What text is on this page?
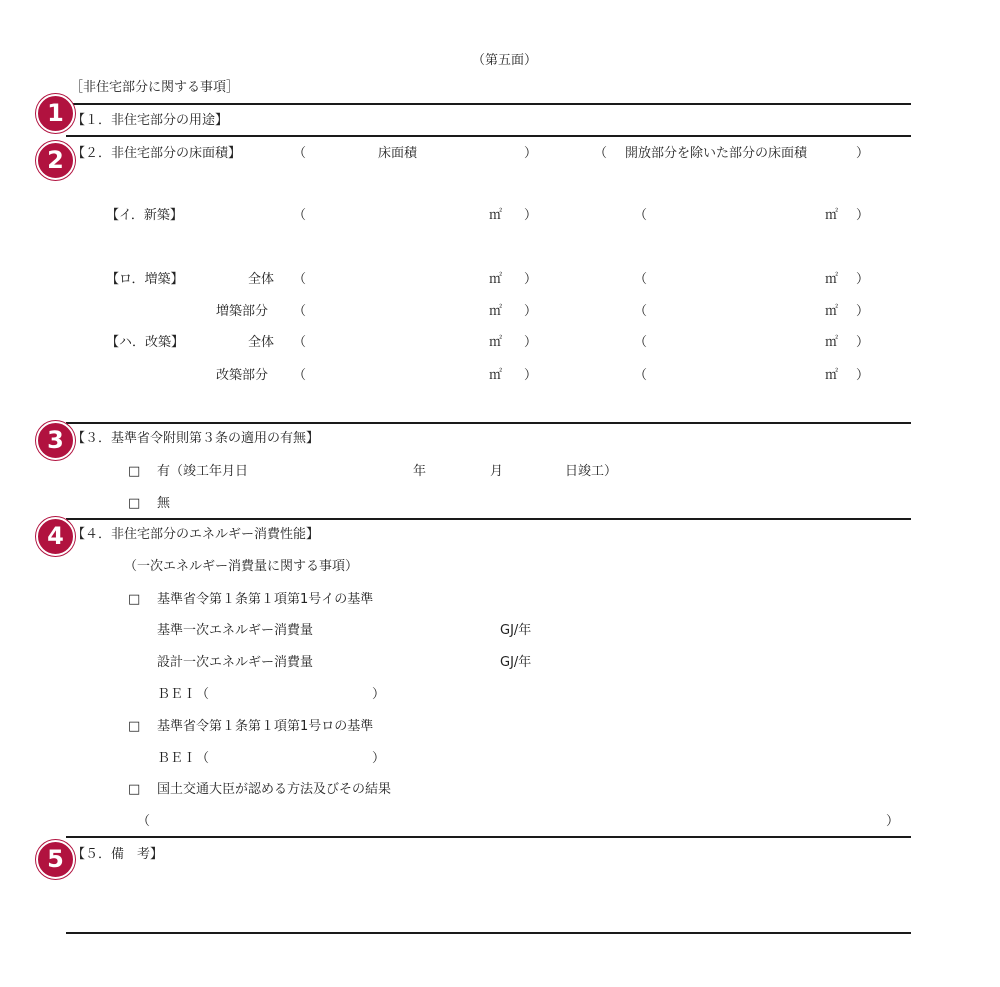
（第五面）
［非住宅部分に関する事項］
1
2
3
4
5
【１．非住宅部分の用途】
【２．非住宅部分の床面積】	（	床面積	）	（ 開放部分を除いた部分の床面積	）
【イ．新築】	（	㎡ ）	（	㎡ ）
【ロ．増築】	全体 （	㎡ ）	（	㎡ ）
増築部分 （	㎡ ）	（	㎡ ）
【ハ．改築】	全体 （	㎡ ）	（	㎡ ）
改築部分 （	㎡ ）	（	㎡ ）
【３．基準省令附則第３条の適用の有無】
□ 有（竣工年月日	年	月	日竣工）
□ 無
【４．非住宅部分のエネルギー消費性能】
（一次エネルギー消費量に関する事項）
□ 基準省令第１条第１項第1号イの基準
基準一次エネルギー消費量	GJ/年
設計一次エネルギー消費量	GJ/年
ＢＥＩ（	）
□ 基準省令第１条第１項第1号ロの基準
ＢＥＩ（	）
□ 国土交通大臣が認める方法及びその結果
（	）
【５．備　考】
